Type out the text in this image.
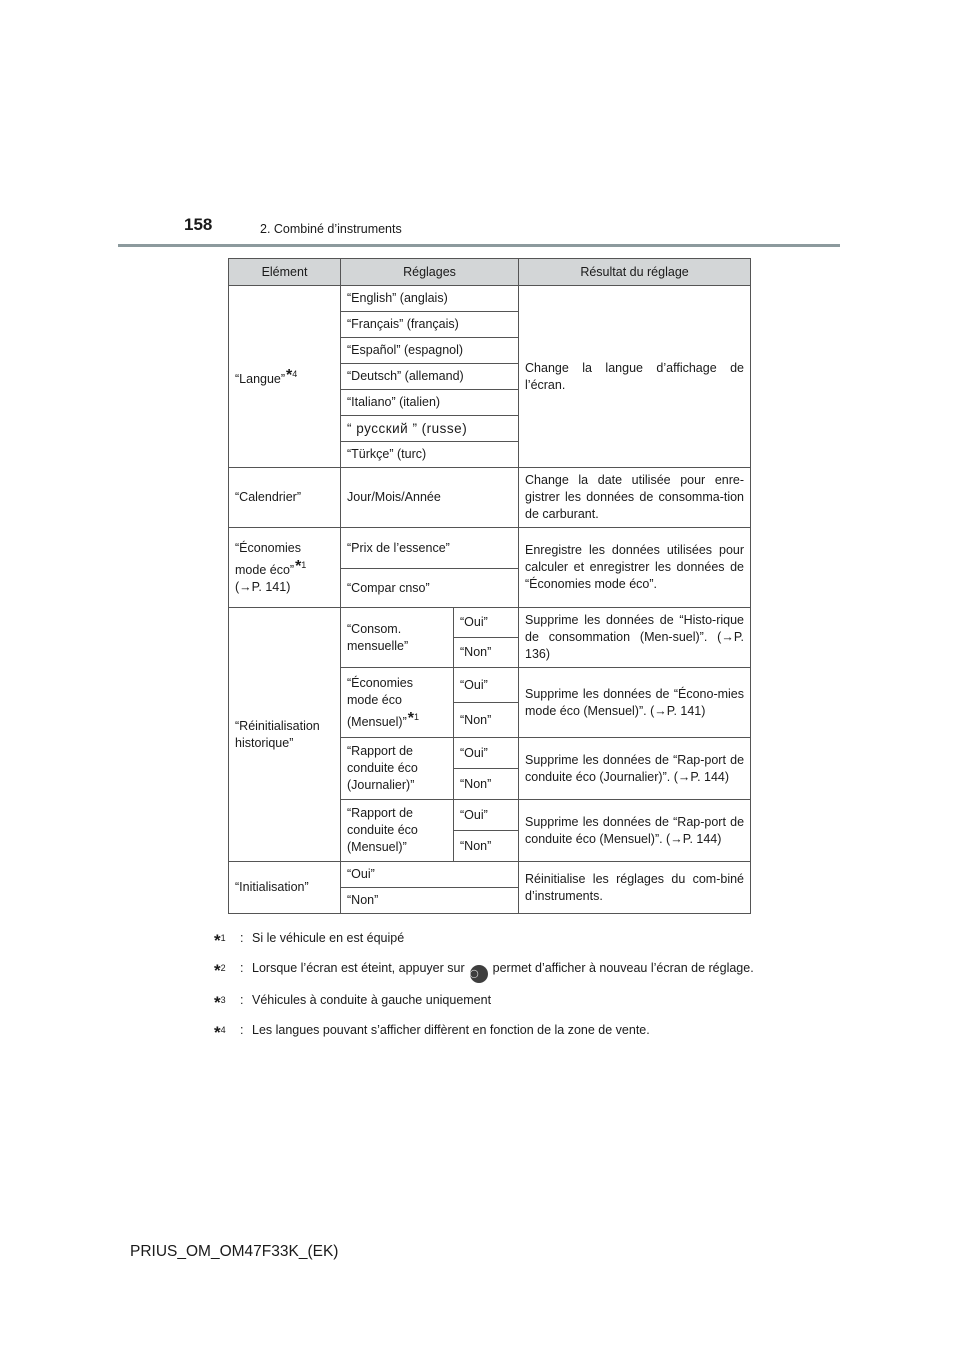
158	2. Combiné d’instruments
Elément	Réglages		Résultat du réglage
“Langue”*$^4$	“English” (anglais)		Change la langue d’affichage de l’écran.
	“Français” (français)		
	“Español” (espagnol)		
	“Deutsch” (allemand)		
	“Italiano” (italien)		
	“ русский ” (russe)		
	“Türkçe” (turc)		
“Calendrier”	Jour/Mois/Année		Change la date utilisée pour enre-gistrer les données de consomma-tion de carburant.
“Économies mode éco”*$^1$
(→P. 141)	“Prix de l’essence”		Enregistre les données utilisées pour calculer et enregistrer les données de “Économies mode éco”.
	“Compar cnso”		
“Réinitialisation historique”	“Consom. mensuelle”	“Oui”	Supprime les données de “Histo-rique de consommation (Men-suel)”. (→P. 136)
		“Non”	
	“Économies mode éco (Mensuel)”*$^1$	“Oui”	Supprime les données de “Écono-mies mode éco (Mensuel)”. (→P. 141)
		“Non”	
	“Rapport de conduite éco (Journalier)”	“Oui”	Supprime les données de “Rap-port de conduite éco (Journalier)”. (→P. 144)
		“Non”	
	“Rapport de conduite éco (Mensuel)”	“Oui”	Supprime les données de “Rap-port de conduite éco (Mensuel)”. (→P. 144)
		“Non”	
“Initialisation”	“Oui”		Réinitialise les réglages du com-biné d’instruments.
	“Non”		
*$^1$	: Si le véhicule en est équipé
*$^2$	: Lorsque l’écran est éteint, appuyer sur ◯ permet d’afficher à nouveau l’écran de réglage.
*$^3$	: Véhicules à conduite à gauche uniquement
*$^4$	: Les langues pouvant s’afficher diffèrent en fonction de la zone de vente.
PRIUS_OM_OM47F33K_(EK)
